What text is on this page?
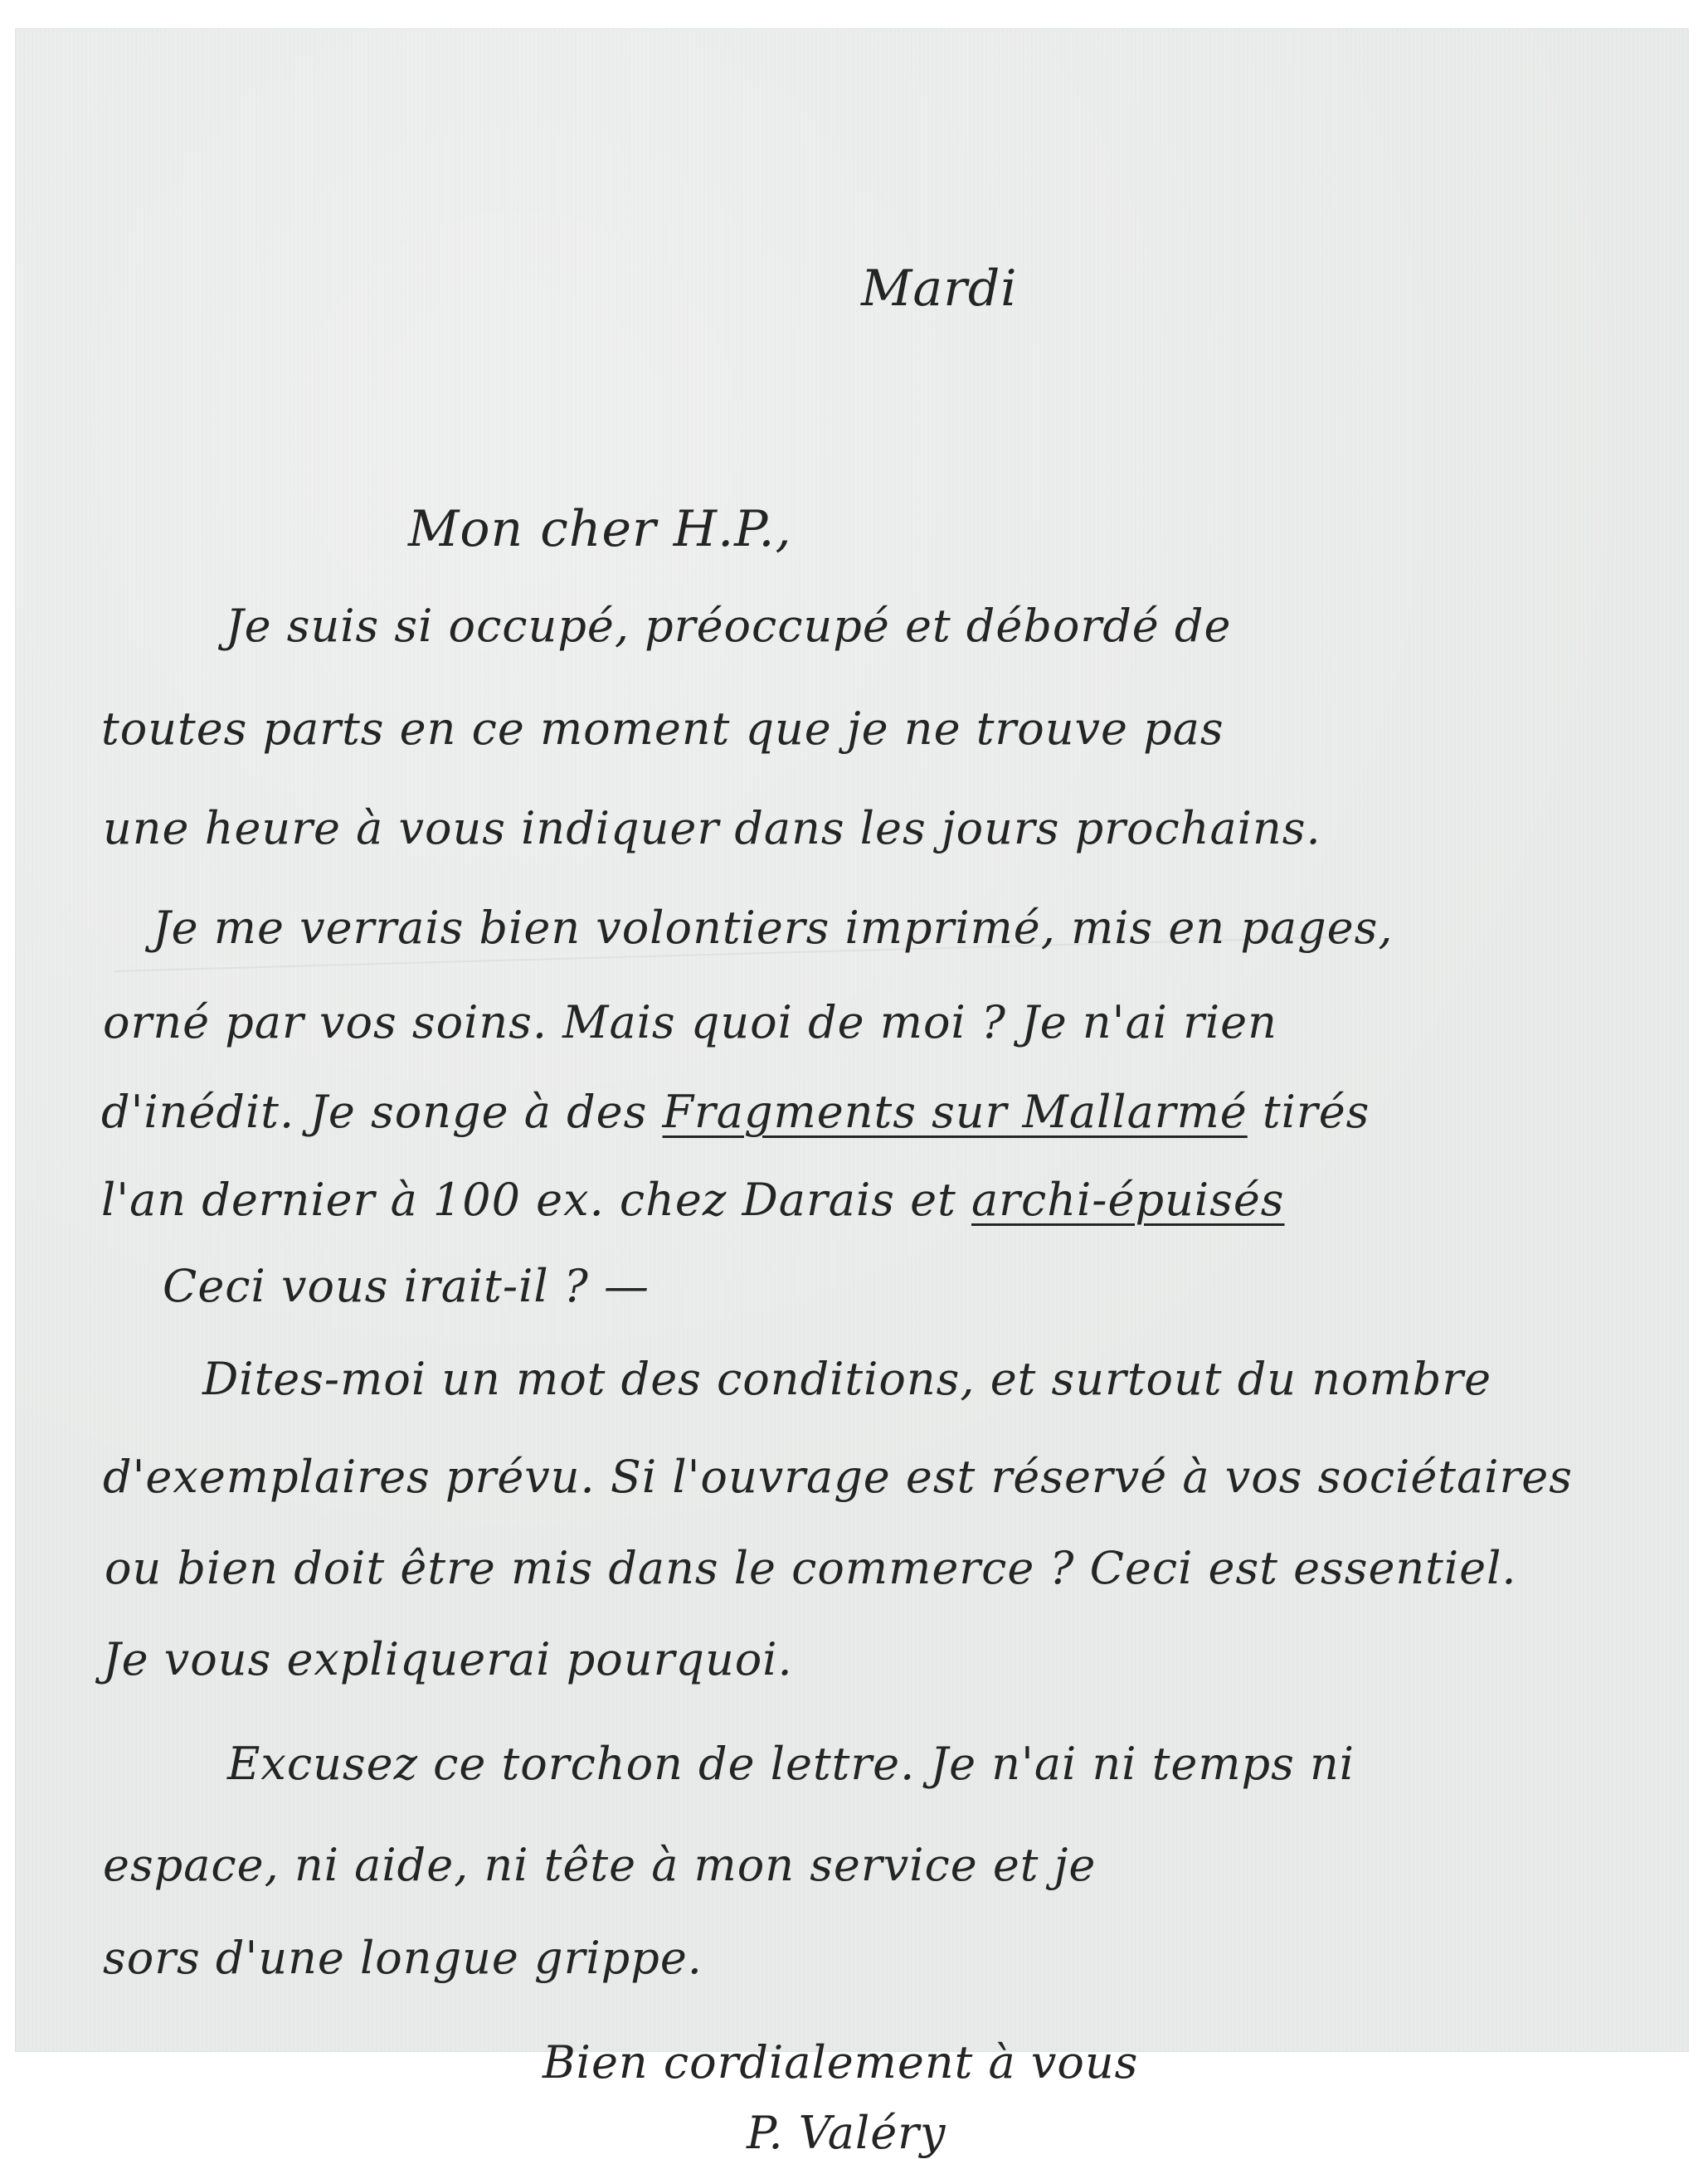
Mardi
Mon cher H.P.,
Je suis si occupé, préoccupé et débordé de
toutes parts en ce moment que je ne trouve pas
une heure à vous indiquer dans les jours prochains.
Je me verrais bien volontiers imprimé, mis en pages,
orné par vos soins. Mais quoi de moi ? Je n'ai rien
d'inédit. Je songe à des Fragments sur Mallarmé tirés
l'an dernier à 100 ex. chez Darais et archi-épuisés
Ceci vous irait-il ? —
Dites-moi un mot des conditions, et surtout du nombre
d'exemplaires prévu. Si l'ouvrage est réservé à vos sociétaires
ou bien doit être mis dans le commerce ? Ceci est essentiel.
Je vous expliquerai pourquoi.
Excusez ce torchon de lettre. Je n'ai ni temps ni
espace, ni aide, ni tête à mon service et je
sors d'une longue grippe.
Bien cordialement à vous
P. Valéry
